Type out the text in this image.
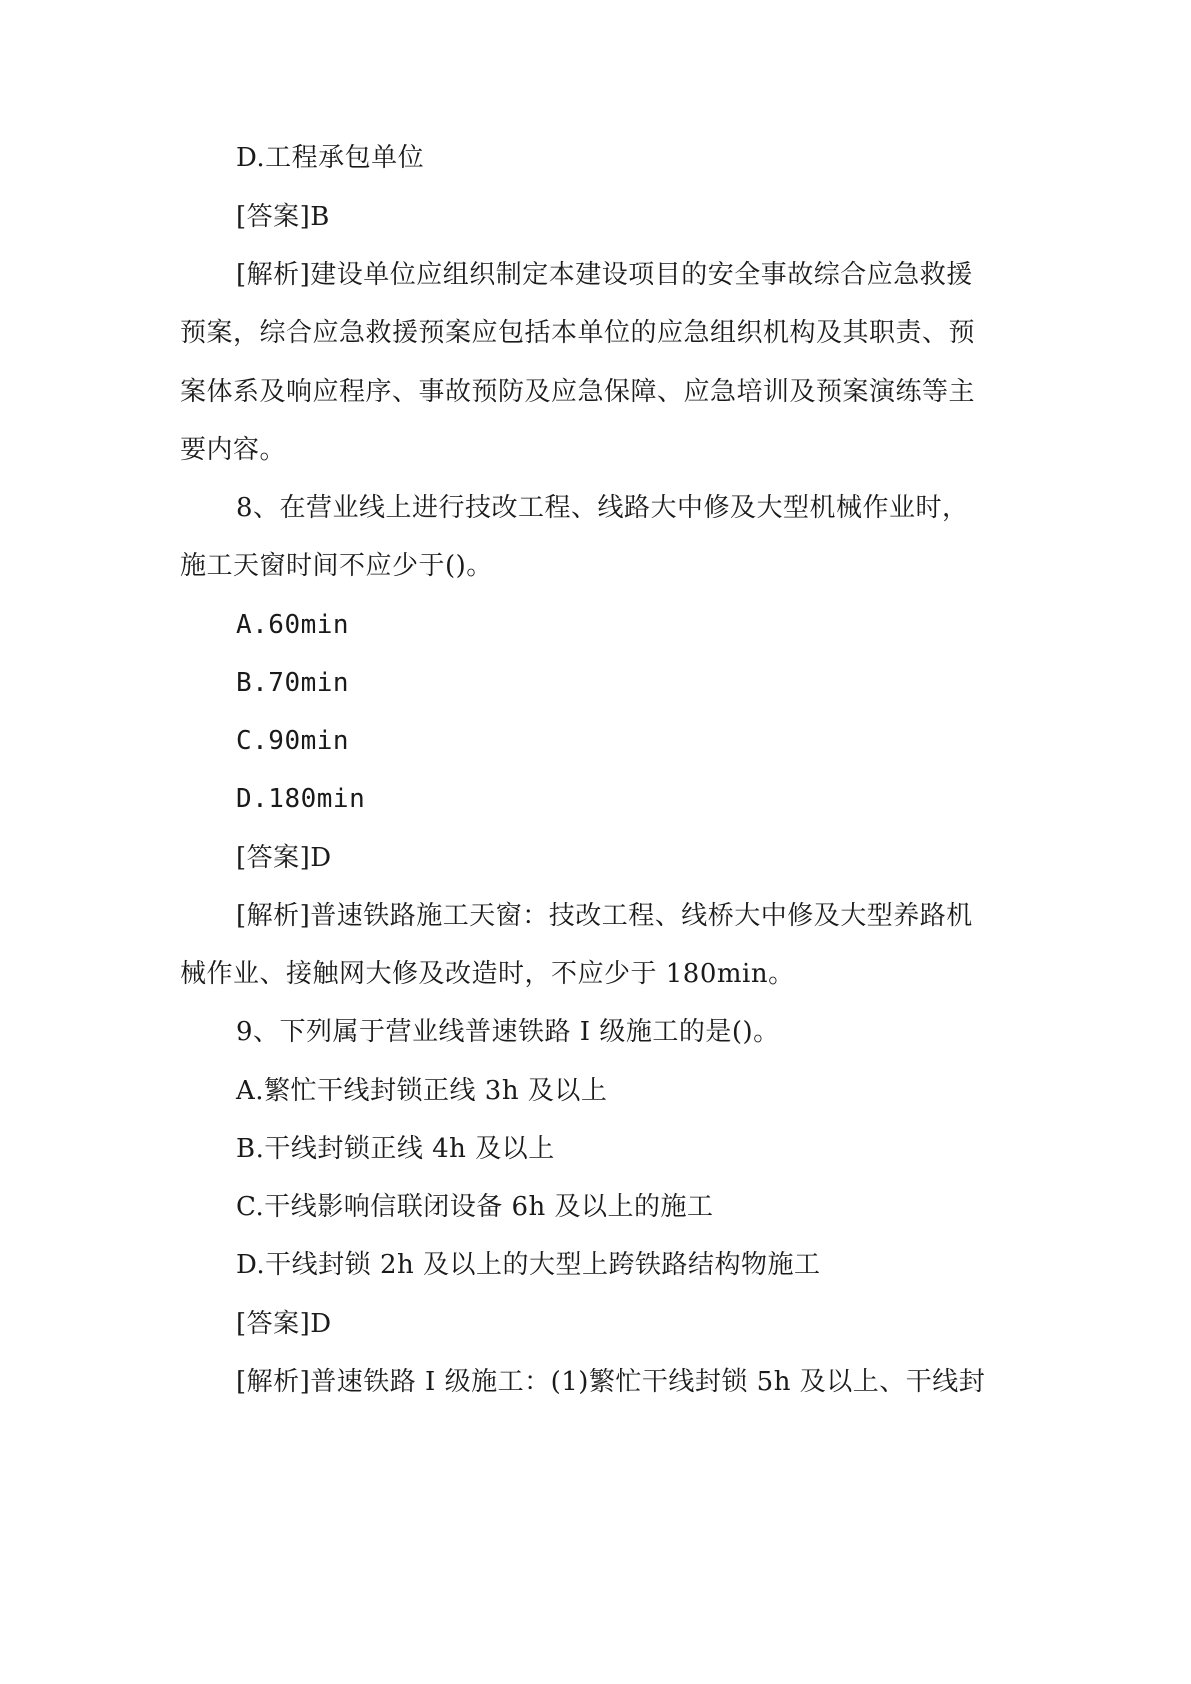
D.工程承包单位
[答案]B
[解析]建设单位应组织制定本建设项目的安全事故综合应急救援
预案，综合应急救援预案应包括本单位的应急组织机构及其职责、预
案体系及响应程序、事故预防及应急保障、应急培训及预案演练等主
要内容。
8、在营业线上进行技改工程、线路大中修及大型机械作业时，
施工天窗时间不应少于()。
A.60min
B.70min
C.90min
D.180min
[答案]D
[解析]普速铁路施工天窗：技改工程、线桥大中修及大型养路机
械作业、接触网大修及改造时，不应少于 180min。
9、下列属于营业线普速铁路 I 级施工的是()。
A.繁忙干线封锁正线 3h 及以上
B.干线封锁正线 4h 及以上
C.干线影响信联闭设备 6h 及以上的施工
D.干线封锁 2h 及以上的大型上跨铁路结构物施工
[答案]D
[解析]普速铁路 I 级施工：(1)繁忙干线封锁 5h 及以上、干线封
